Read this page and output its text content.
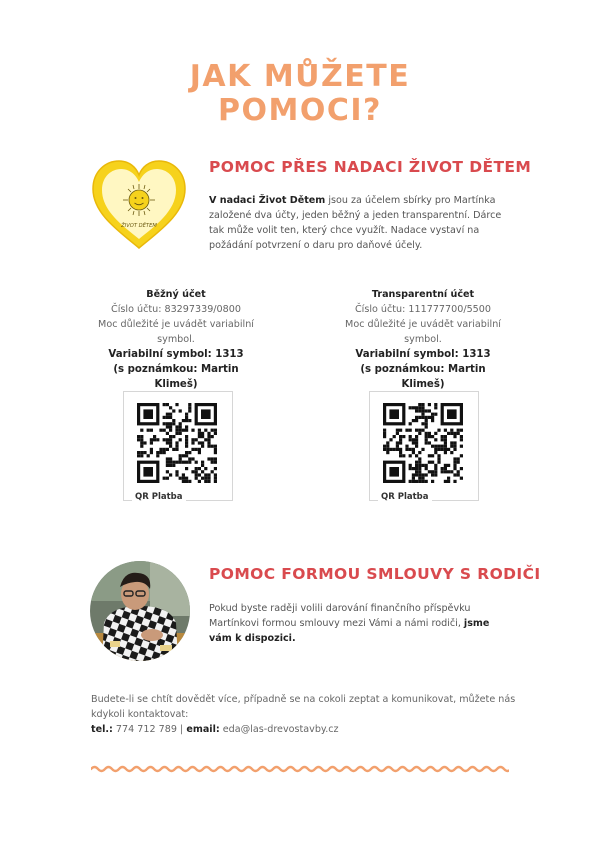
JAK MŮŽETE
POMOCI?
ŽIVOT DĚTEM
POMOC PŘES NADACI ŽIVOT DĚTEM
V nadaci Život Dětem jsou za účelem sbírky pro Martínka založené dva účty, jeden běžný a jeden transparentní. Dárce tak může volit ten, který chce využít. Nadace vystaví na požádání potvrzení o daru pro daňové účely.
Běžný účet
Číslo účtu: 83297339/0800
Moc důležité je uvádět variabilní symbol.
Variabilní symbol: 1313
(s poznámkou: Martin Klimeš)
Transparentní účet
Číslo účtu: 111777700/5500
Moc důležité je uvádět variabilní symbol.
Variabilní symbol: 1313
(s poznámkou: Martin Klimeš)
QR Platba	QR Platba
POMOC FORMOU SMLOUVY S RODIČI
Pokud byste raději volili darování finančního příspěvku Martínkovi formou smlouvy mezi Vámi a námi rodiči, jsme vám k dispozici.
Budete-li se chtít dovědět více, případně se na cokoli zeptat a komunikovat, můžete nás kdykoli kontaktovat:
tel.: 774 712 789 | email: eda@las-drevostavby.cz
